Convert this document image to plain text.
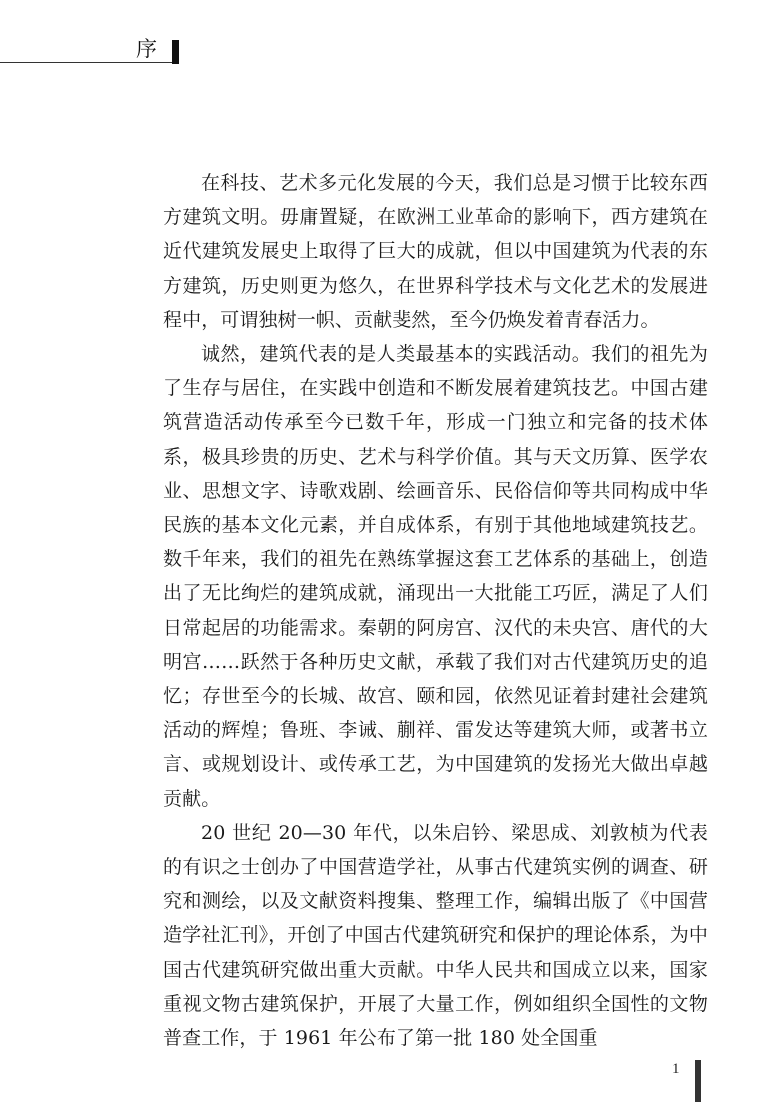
序

在科技、艺术多元化发展的今天，我们总是习惯于比较东西方建筑文明。毋庸置疑，在欧洲工业革命的影响下，西方建筑在近代建筑发展史上取得了巨大的成就，但以中国建筑为代表的东方建筑，历史则更为悠久，在世界科学技术与文化艺术的发展进程中，可谓独树一帜、贡献斐然，至今仍焕发着青春活力。

诚然，建筑代表的是人类最基本的实践活动。我们的祖先为了生存与居住，在实践中创造和不断发展着建筑技艺。中国古建筑营造活动传承至今已数千年，形成一门独立和完备的技术体系，极具珍贵的历史、艺术与科学价值。其与天文历算、医学农业、思想文字、诗歌戏剧、绘画音乐、民俗信仰等共同构成中华民族的基本文化元素，并自成体系，有别于其他地域建筑技艺。数千年来，我们的祖先在熟练掌握这套工艺体系的基础上，创造出了无比绚烂的建筑成就，涌现出一大批能工巧匠，满足了人们日常起居的功能需求。秦朝的阿房宫、汉代的未央宫、唐代的大明宫……跃然于各种历史文献，承载了我们对古代建筑历史的追忆；存世至今的长城、故宫、颐和园，依然见证着封建社会建筑活动的辉煌；鲁班、李诫、蒯祥、雷发达等建筑大师，或著书立言、或规划设计、或传承工艺，为中国建筑的发扬光大做出卓越贡献。

20 世纪 20—30 年代，以朱启钤、梁思成、刘敦桢为代表的有识之士创办了中国营造学社，从事古代建筑实例的调查、研究和测绘，以及文献资料搜集、整理工作，编辑出版了《中国营造学社汇刊》，开创了中国古代建筑研究和保护的理论体系，为中国古代建筑研究做出重大贡献。中华人民共和国成立以来，国家重视文物古建筑保护，开展了大量工作，例如组织全国性的文物普查工作，于 1961 年公布了第一批 180 处全国重

1
